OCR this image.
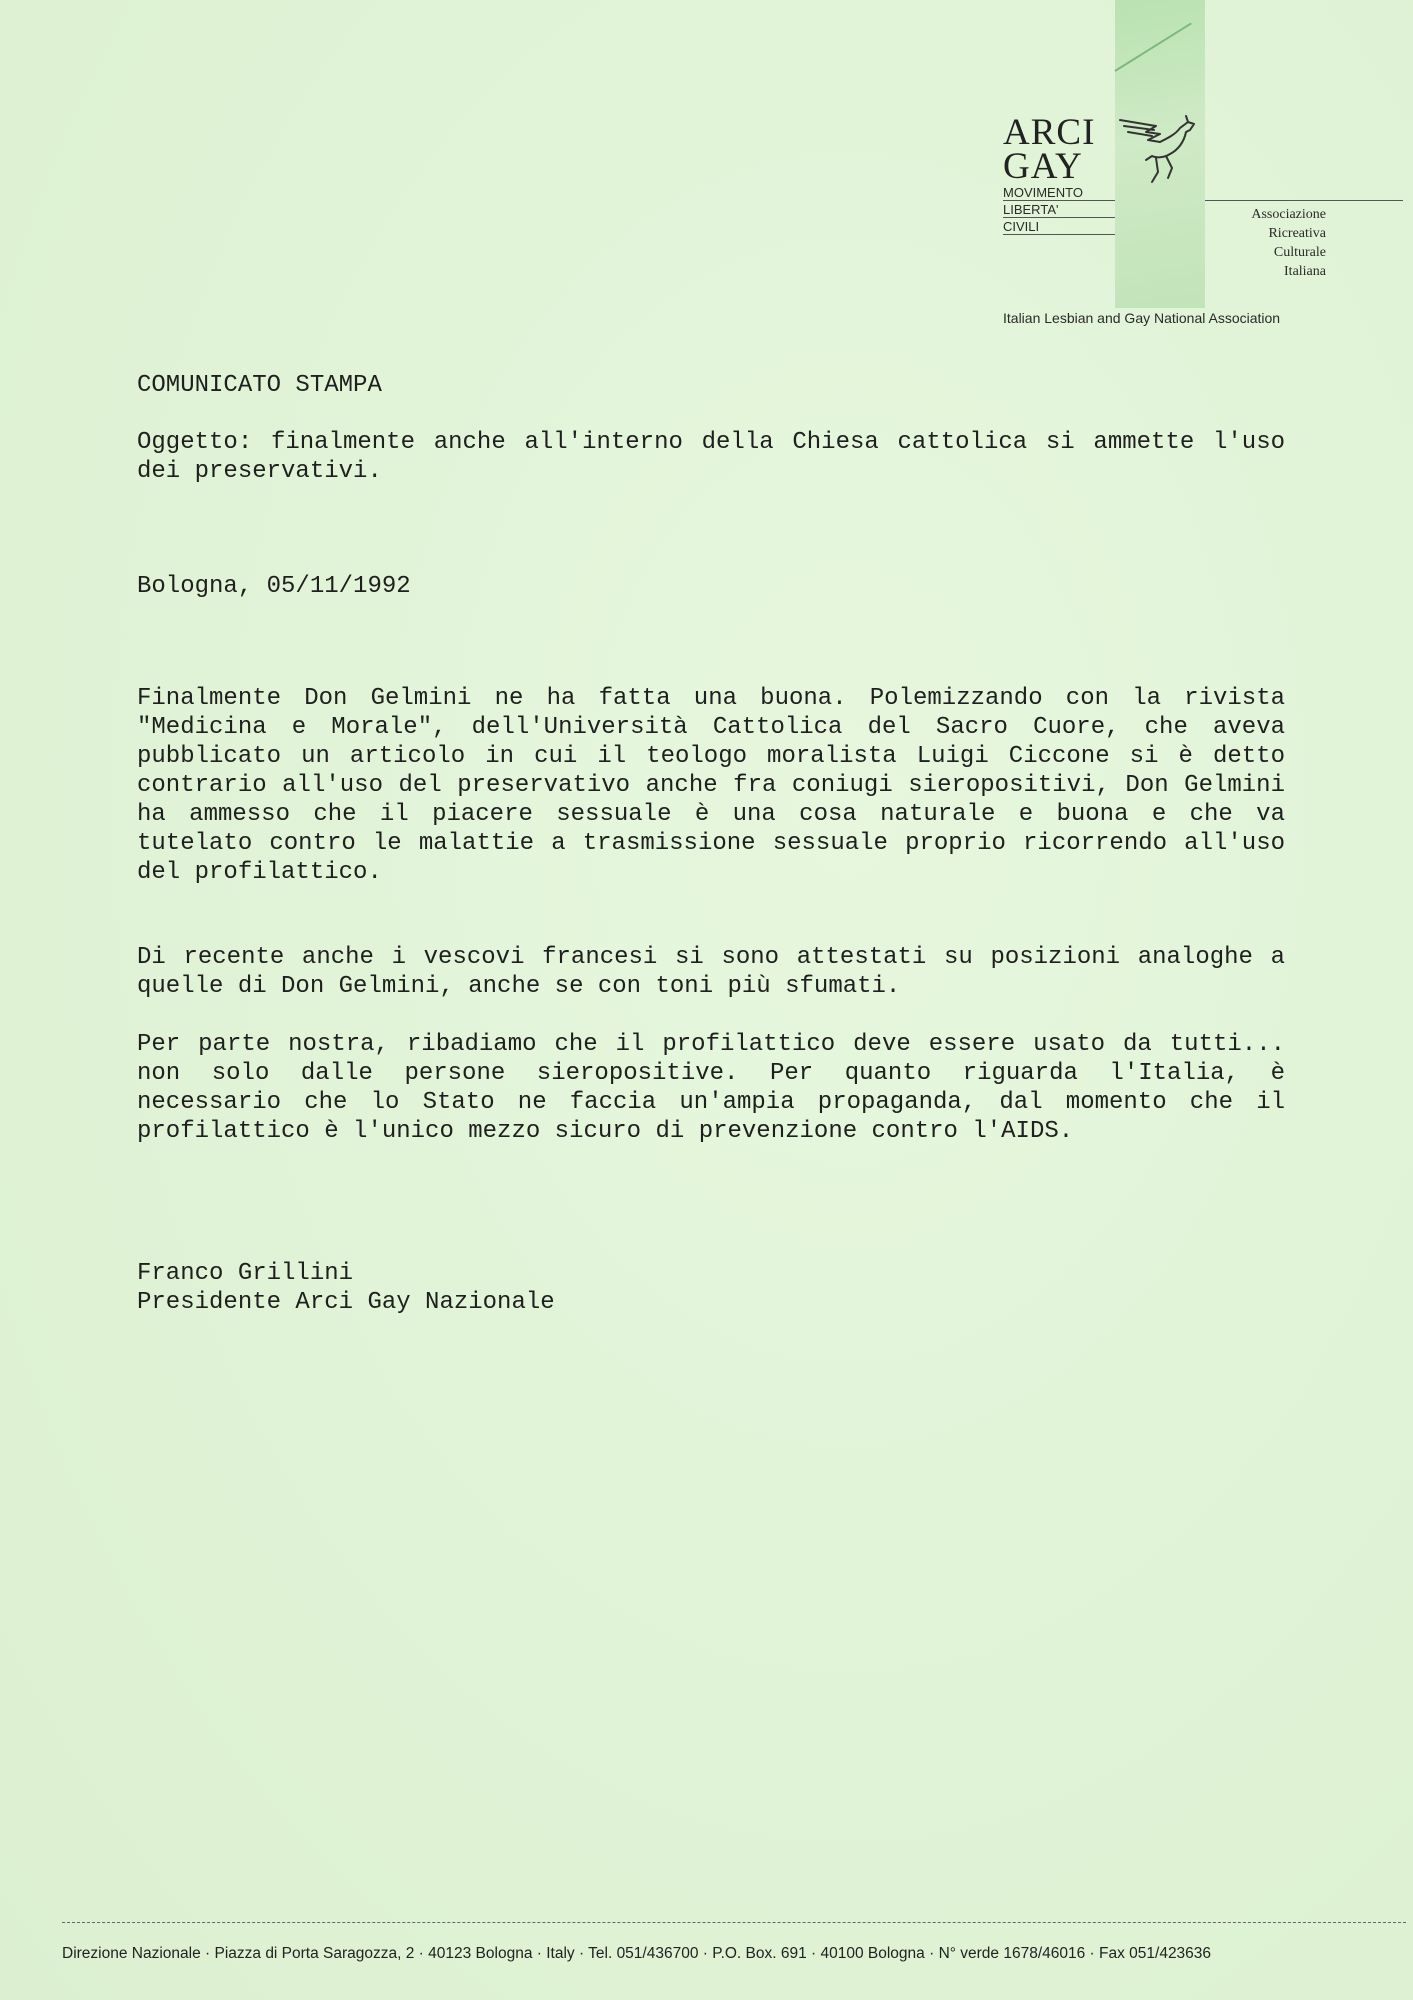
ARCI
GAY
MOVIMENTO
LIBERTA'
CIVILI
Associazione
Ricreativa
Culturale
Italiana
Italian Lesbian and Gay National Association
COMUNICATO STAMPA
Oggetto: finalmente anche all'interno della Chiesa cattolica si ammette l'uso dei preservativi.
Bologna, 05/11/1992
Finalmente Don Gelmini ne ha fatta una buona. Polemizzando con la rivista "Medicina e Morale", dell'Università Cattolica del Sacro Cuore, che aveva pubblicato un articolo in cui il teologo moralista Luigi Ciccone si è detto contrario all'uso del preservativo anche fra coniugi sieropositivi, Don Gelmini ha ammesso che il piacere sessuale è una cosa naturale e buona e che va tutelato contro le malattie a trasmissione sessuale proprio ricorrendo all'uso del profilattico.
Di recente anche i vescovi francesi si sono attestati su posizioni analoghe a quelle di Don Gelmini, anche se con toni più sfumati.
Per parte nostra, ribadiamo che il profilattico deve essere usato da tutti... non solo dalle persone sieropositive. Per quanto riguarda l'Italia, è necessario che lo Stato ne faccia un'ampia propaganda, dal momento che il profilattico è l'unico mezzo sicuro di prevenzione contro l'AIDS.
Franco Grillini
Presidente Arci Gay Nazionale
Direzione Nazionale · Piazza di Porta Saragozza, 2 · 40123 Bologna · Italy · Tel. 051/436700 · P.O. Box. 691 · 40100 Bologna · N° verde 1678/46016 · Fax 051/423636
